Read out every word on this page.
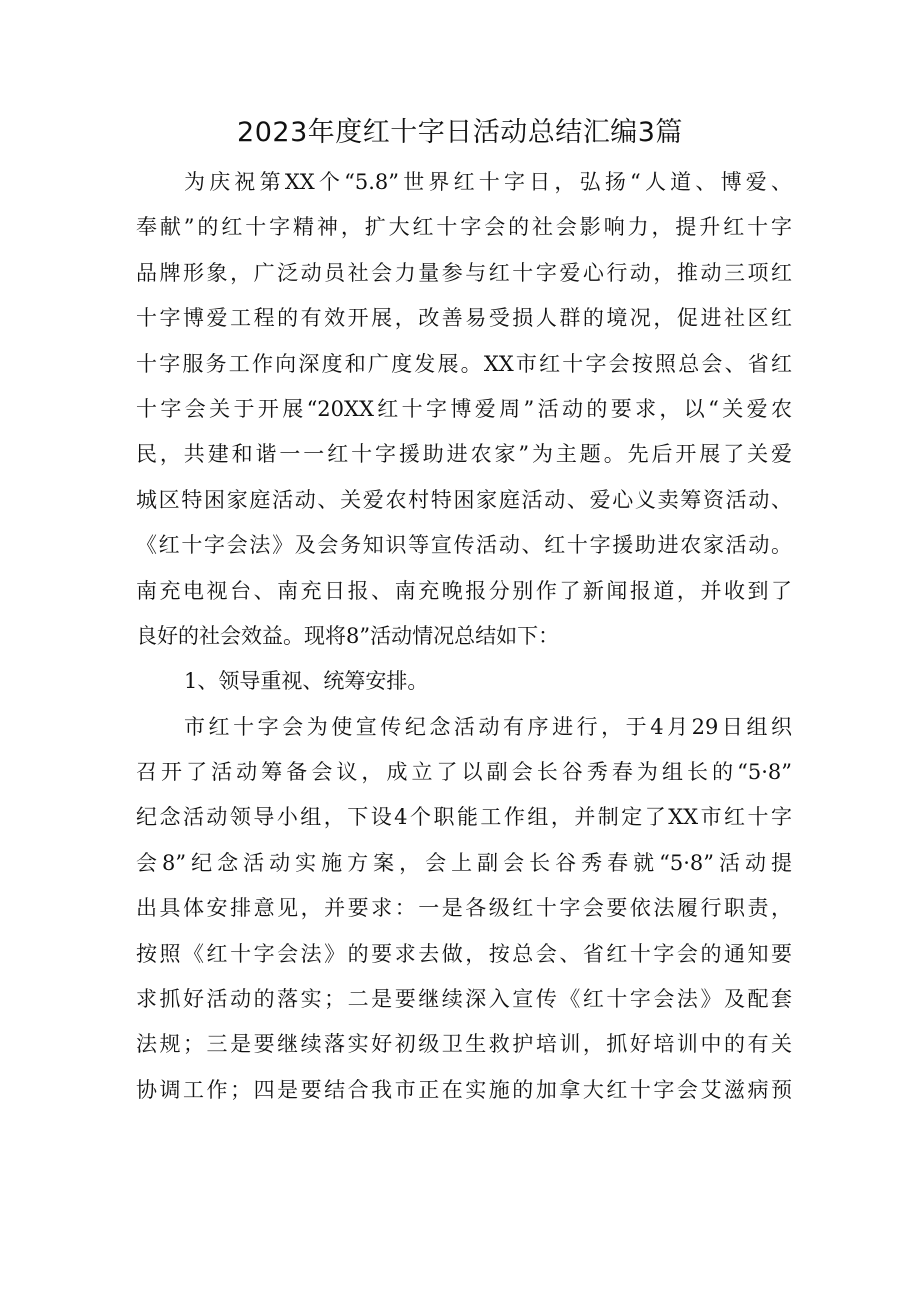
2023年度红十字日活动总结汇编3篇
为庆祝第XX个“5.8”世界红十字日，弘扬“人道、博爱、
奉献”的红十字精神，扩大红十字会的社会影响力，提升红十字
品牌形象，广泛动员社会力量参与红十字爱心行动，推动三项红
十字博爱工程的有效开展，改善易受损人群的境况，促进社区红
十字服务工作向深度和广度发展。XX市红十字会按照总会、省红
十字会关于开展“20XX红十字博爱周”活动的要求，以“关爱农
民，共建和谐一一红十字援助进农家”为主题。先后开展了关爱
城区特困家庭活动、关爱农村特困家庭活动、爱心义卖筹资活动、
《红十字会法》及会务知识等宣传活动、红十字援助进农家活动。
南充电视台、南充日报、南充晚报分别作了新闻报道，并收到了
良好的社会效益。现将8”活动情况总结如下：
1、领导重视、统筹安排。
市红十字会为使宣传纪念活动有序进行，于4月29日组织
召开了活动筹备会议，成立了以副会长谷秀春为组长的“5·8”
纪念活动领导小组，下设4个职能工作组，并制定了XX市红十字
会8”纪念活动实施方案，会上副会长谷秀春就“5·8”活动提
出具体安排意见，并要求：一是各级红十字会要依法履行职责，
按照《红十字会法》的要求去做，按总会、省红十字会的通知要
求抓好活动的落实；二是要继续深入宣传《红十字会法》及配套
法规；三是要继续落实好初级卫生救护培训，抓好培训中的有关
协调工作；四是要结合我市正在实施的加拿大红十字会艾滋病预
